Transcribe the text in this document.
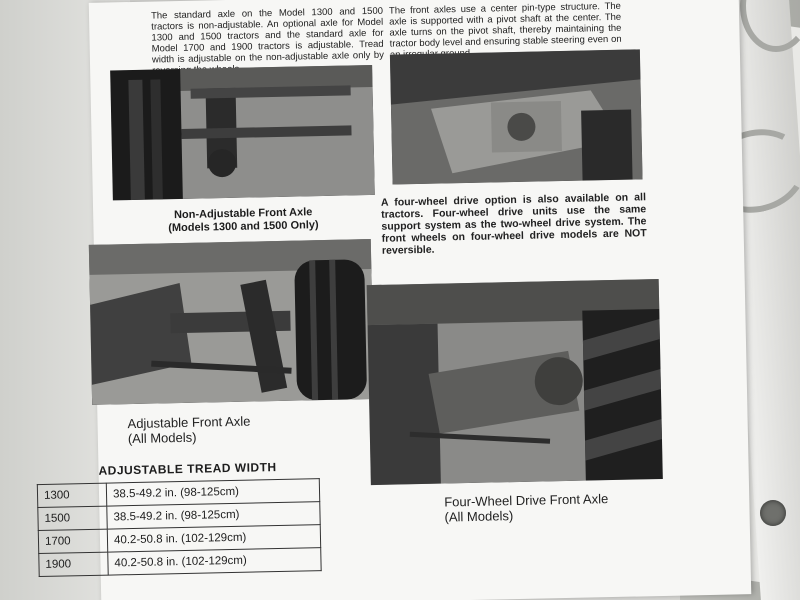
The standard axle on the Model 1300 and 1500 tractors is non-adjustable. An optional axle for Model 1300 and 1500 tractors and the standard axle for Model 1700 and 1900 tractors is adjustable. Tread width is adjustable on the non-adjustable axle only by
The front axles use a center pin-type structure. The axle is supported with a pivot shaft at the center. The axle turns on the pivot shaft, thereby maintaining the tractor body level and ensuring stable steering even on
Non-Adjustable Front Axle
(Models 1300 and 1500 Only)
A four-wheel drive option is also available on all tractors. Four-wheel drive units use the same support system as the two-wheel drive system. The front wheels on four-wheel drive models are NOT reversible.
Adjustable Front Axle
(All Models)
ADJUSTABLE TREAD WIDTH
1300	38.5-49.2 in. (98-125cm)
1500	38.5-49.2 in. (98-125cm)
1700	40.2-50.8 in. (102-129cm)
1900	40.2-50.8 in. (102-129cm)
Four-Wheel Drive Front Axle
(All Models)
